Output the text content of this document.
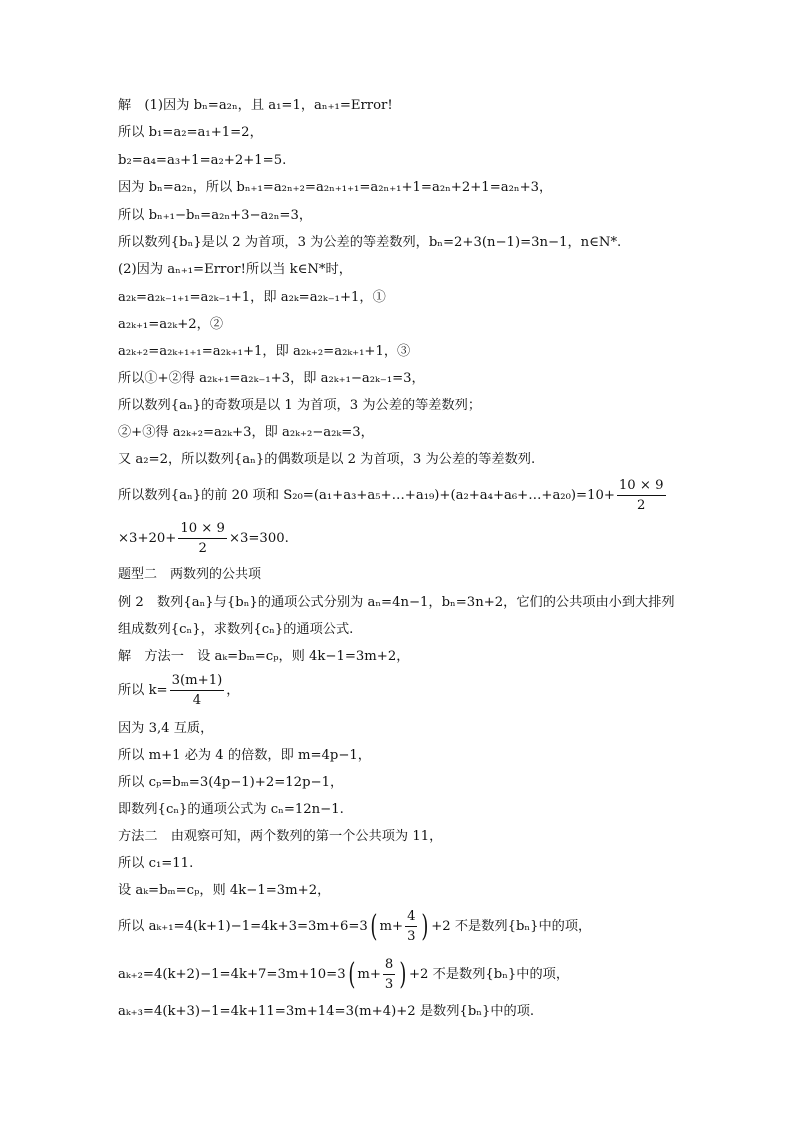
解　(1)因为 bₙ=a₂ₙ，且 a₁=1，aₙ₊₁=Error!
所以 b₁=a₂=a₁+1=2，
b₂=a₄=a₃+1=a₂+2+1=5.
因为 bₙ=a₂ₙ，所以 bₙ₊₁=a₂ₙ₊₂=a₂ₙ₊₁₊₁=a₂ₙ₊₁+1=a₂ₙ+2+1=a₂ₙ+3，
所以 bₙ₊₁−bₙ=a₂ₙ+3−a₂ₙ=3，
所以数列{bₙ}是以 2 为首项，3 为公差的等差数列，bₙ=2+3(n−1)=3n−1，n∈N*.
(2)因为 aₙ₊₁=Error!所以当 k∈N*时，
a₂ₖ=a₂ₖ₋₁₊₁=a₂ₖ₋₁+1，即 a₂ₖ=a₂ₖ₋₁+1，①
a₂ₖ₊₁=a₂ₖ+2，②
a₂ₖ₊₂=a₂ₖ₊₁₊₁=a₂ₖ₊₁+1，即 a₂ₖ₊₂=a₂ₖ₊₁+1，③
所以①+②得 a₂ₖ₊₁=a₂ₖ₋₁+3，即 a₂ₖ₊₁−a₂ₖ₋₁=3，
所以数列{aₙ}的奇数项是以 1 为首项，3 为公差的等差数列；
②+③得 a₂ₖ₊₂=a₂ₖ+3，即 a₂ₖ₊₂−a₂ₖ=3，
又 a₂=2，所以数列{aₙ}的偶数项是以 2 为首项，3 为公差的等差数列.
所以数列{aₙ}的前 20 项和 S₂₀=(a₁+a₃+a₅+…+a₁₉)+(a₂+a₄+a₆+…+a₂₀)=10+ $\frac{10 \times 9}{2}$
$\times 3+20+ \frac{10 \times 9}{2} \times 3=300$.
题型二　两数列的公共项
例 2　数列{aₙ}与{bₙ}的通项公式分别为 aₙ=4n−1，bₙ=3n+2，它们的公共项由小到大排列
组成数列{cₙ}，求数列{cₙ}的通项公式.
解　方法一　设 aₖ=bₘ=cₚ，则 4k−1=3m+2，
所以 $k= \frac{3(m+1)}{4}$ ，
因为 3,4 互质，
所以 m+1 必为 4 的倍数，即 m=4p−1，
所以 cₚ=bₘ=3(4p−1)+2=12p−1，
即数列{cₙ}的通项公式为 cₙ=12n−1.
方法二　由观察可知，两个数列的第一个公共项为 11，
所以 c₁=11.
设 aₖ=bₘ=cₚ，则 4k−1=3m+2，
所以 aₖ₊₁=4(k+1)−1=4k+3=3m+6=3( $m+ \frac{4}{3}$ ) +2 不是数列{bₙ}中的项，
aₖ₊₂=4(k+2)−1=4k+7=3m+10=3( $m+ \frac{8}{3}$ ) +2 不是数列{bₙ}中的项，
aₖ₊₃=4(k+3)−1=4k+11=3m+14=3(m+4)+2 是数列{bₙ}中的项.
